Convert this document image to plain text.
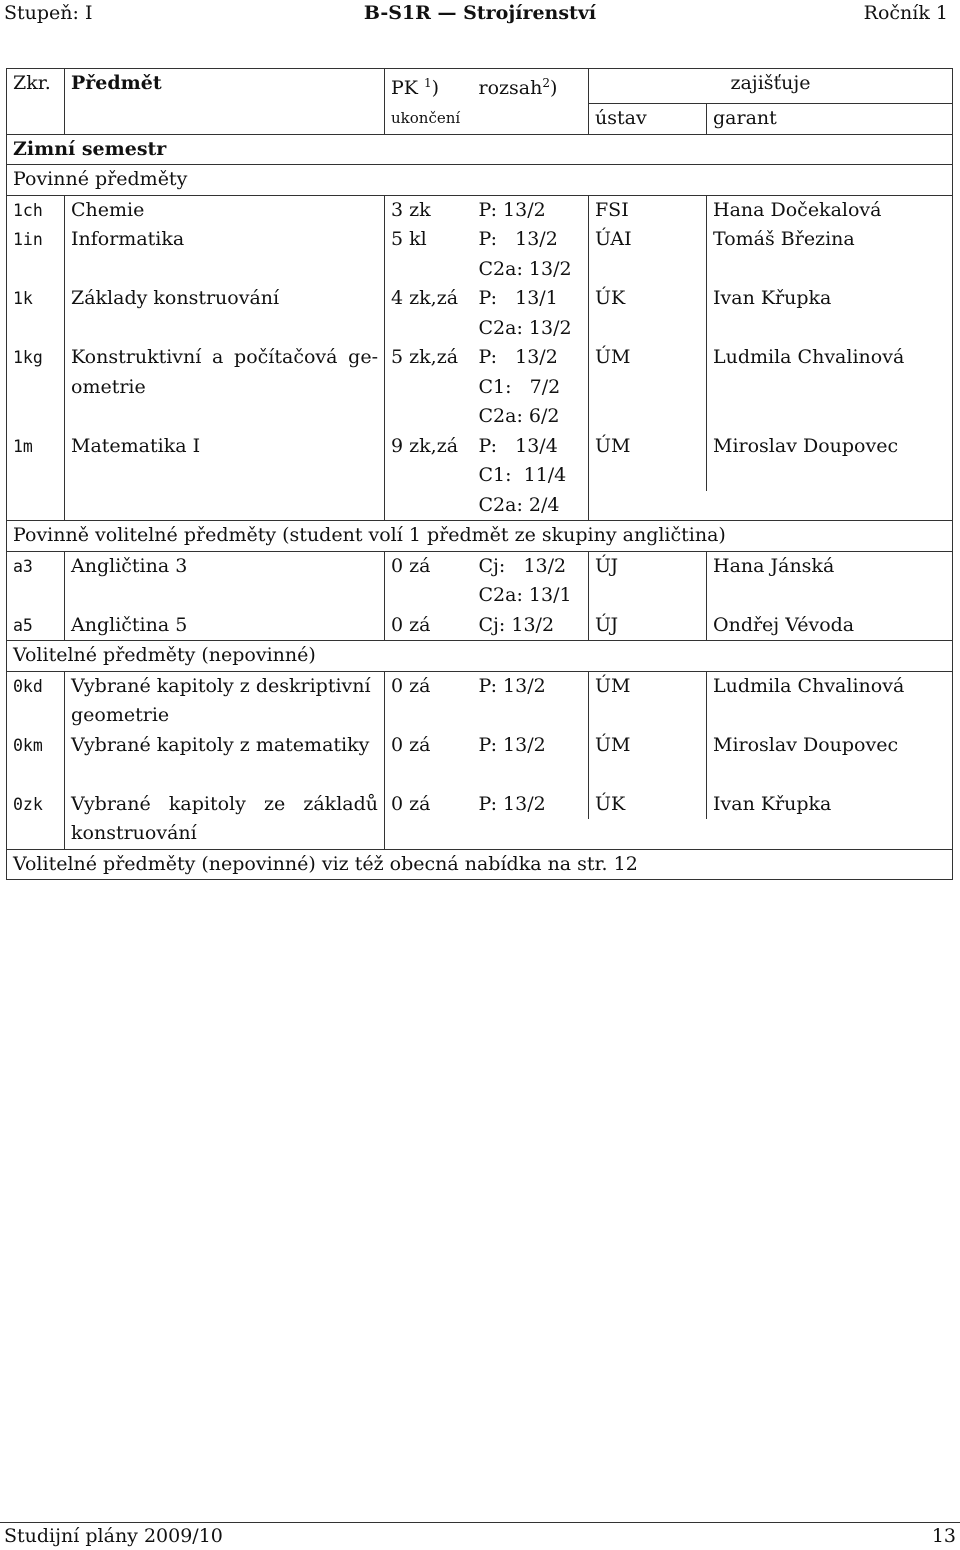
Stupeň: I	B-S1R — Strojírenství	Ročník 1
Zkr.	Předmět	PK $^1$)	rozsah$^2$)	zajišťuje	
		ukončení		ústav	garant
Zimní semestr					
Povinné předměty					
1ch	Chemie	3 zk	P: 13/2	FSI	Hana Dočekalová
1in	Informatika	5 kl	P:   13/2	ÚAI	Tomáš Březina
			C2a: 13/2		
1k	Základy konstruování	4 zk,zá	P:   13/1	ÚK	Ivan Křupka
			C2a: 13/2		
1kg	Konstruktivní a počítačová ge-	5 zk,zá	P:   13/2	ÚM	Ludmila Chvalinová
	ometrie		C1:   7/2		
			C2a: 6/2		
1m	Matematika I	9 zk,zá	P:   13/4	ÚM	Miroslav Doupovec
			C1:  11/4		
			C2a: 2/4		
Povinně volitelné předměty (student volí 1 předmět ze skupiny angličtina)					
a3	Angličtina 3	0 zá	Cj:   13/2	ÚJ	Hana Jánská
			C2a: 13/1		
a5	Angličtina 5	0 zá	Cj: 13/2	ÚJ	Ondřej Vévoda
Volitelné předměty (nepovinné)					
0kd	Vybrané kapitoly z deskriptivní	0 zá	P: 13/2	ÚM	Ludmila Chvalinová
	geometrie				
0km	Vybrané kapitoly z matematiky	0 zá	P: 13/2	ÚM	Miroslav Doupovec

0zk	Vybrané kapitoly ze základů	0 zá	P: 13/2	ÚK	Ivan Křupka
	konstruování				
Volitelné předměty (nepovinné) viz též obecná nabídka na str. 12					
Studijní plány 2009/10	13
